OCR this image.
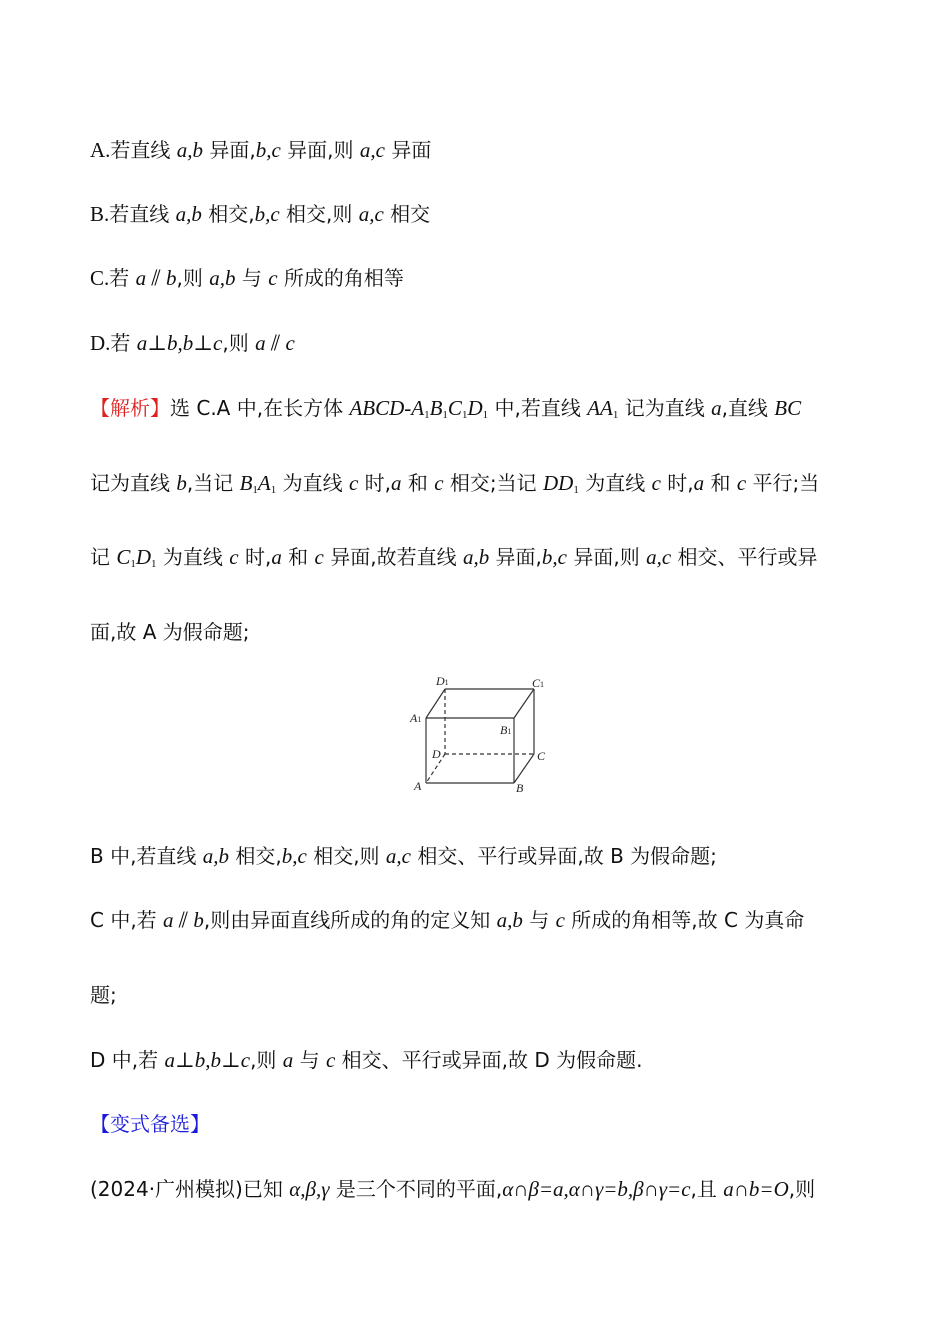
A.若直线 a,b 异面,b,c 异面,则 a,c 异面
B.若直线 a,b 相交,b,c 相交,则 a,c 相交
C.若 a ⫽ b,则 a,b 与 c 所成的角相等
D.若 a⊥b,b⊥c,则 a ⫽ c
【解析】选 C.A 中,在长方体 ABCD-$A_1B_1C_1D_1$ 中,若直线 $AA_1$ 记为直线 a,直线 BC
记为直线 b,当记 $B_1A_1$ 为直线 c 时,a 和 c 相交;当记 $DD_1$ 为直线 c 时,a 和 c 平行;当
记 $C_1D_1$ 为直线 c 时,a 和 c 异面,故若直线 a,b 异面,b,c 异面,则 a,c 相交、平行或异
面,故 A 为假命题;
D1	C1
A1
B1
D	C
A	B
B 中,若直线 a,b 相交,b,c 相交,则 a,c 相交、平行或异面,故 B 为假命题;
C 中,若 a ⫽ b,则由异面直线所成的角的定义知 a,b 与 c 所成的角相等,故 C 为真命
题;
D 中,若 a⊥b,b⊥c,则 a 与 c 相交、平行或异面,故 D 为假命题.
【变式备选】
(2024·广州模拟)已知 α,β,γ 是三个不同的平面,α∩β=a,α∩γ=b,β∩γ=c,且 a∩b=O,则
